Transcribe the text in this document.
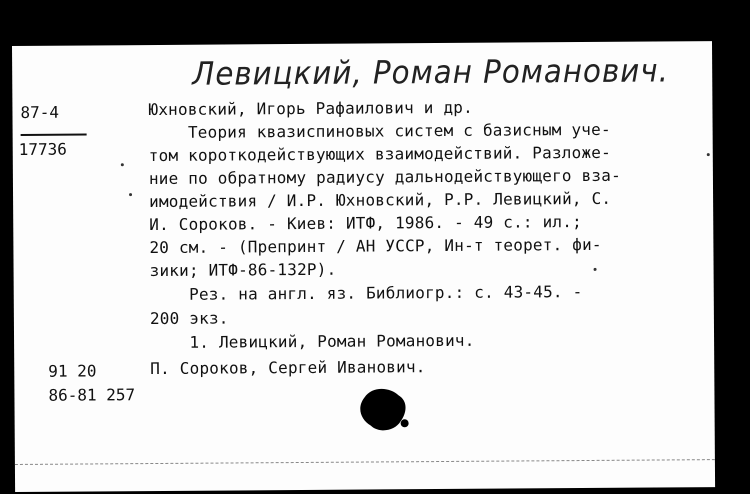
Левицкий, Роман Романович.
87-4
17736
Юхновский, Игорь Рафаилович и др.
Теория квазиспиновых систем с базисным уче-
том короткодействующих взаимодействий. Разложе-
ние по обратному радиусу дальнодействующего вза-
имодействия / И.Р. Юхновский, Р.Р. Левицкий, С.
И. Сороков. - Киев: ИТФ, 1986. - 49 с.: ил.;
20 см. - (Препринт / АН УССР, Ин-т теорет. фи-
зики; ИТФ-86-132Р).
Рез. на англ. яз. Библиогр.: с. 43-45. -
200 экз.
1. Левицкий, Роман Романович.
П. Сороков, Сергей Иванович.
91 20
86-81 257
